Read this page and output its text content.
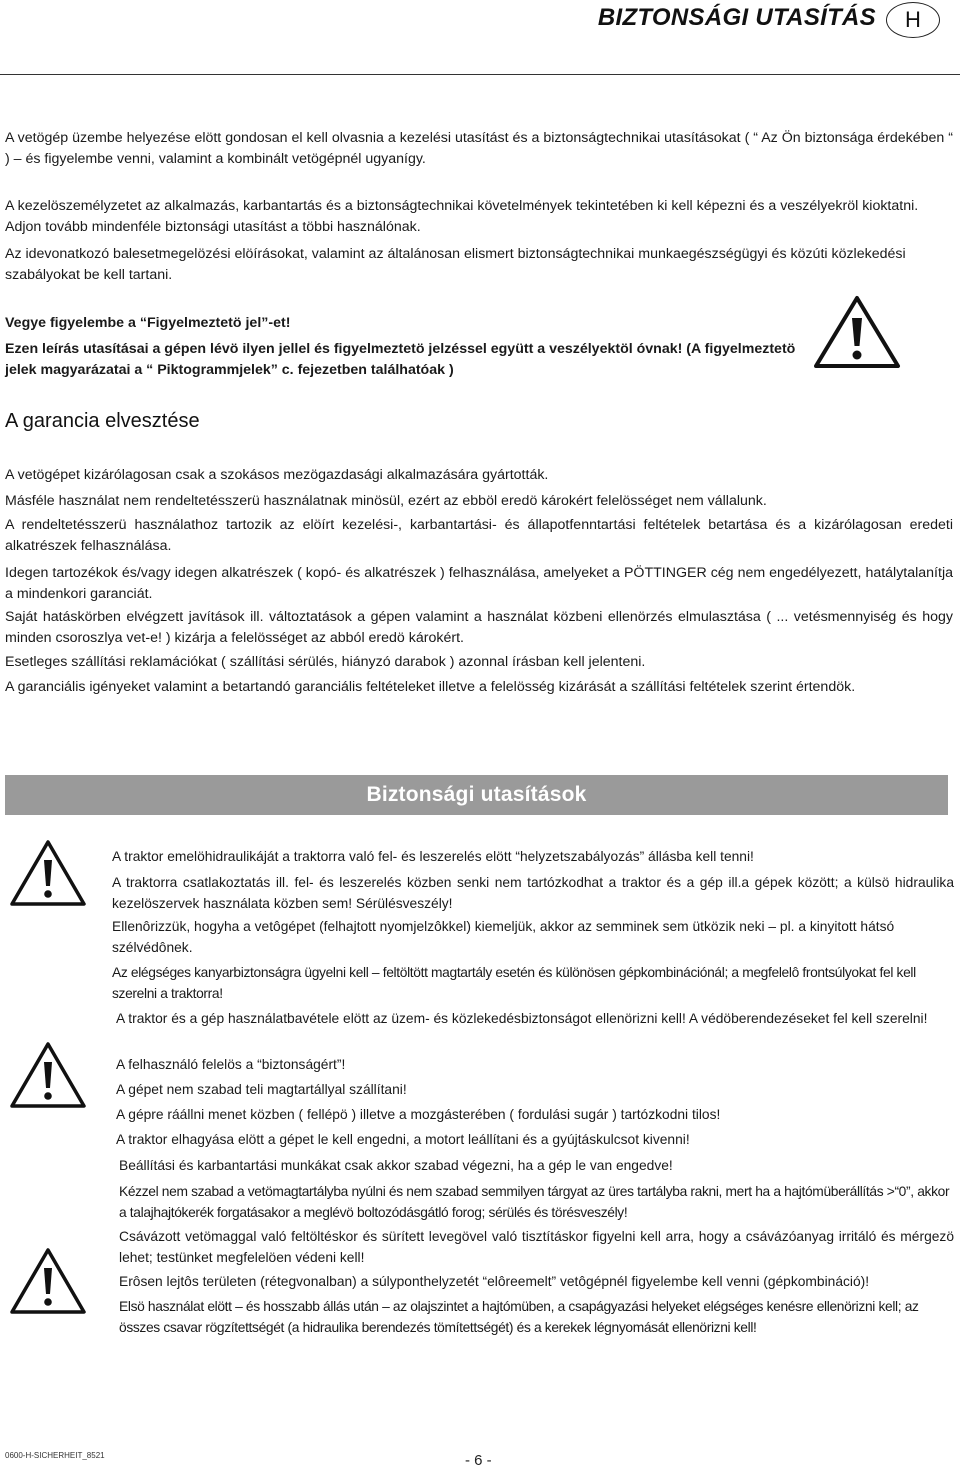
BIZTONSÁGI UTASÍTÁS	H
A vetögép üzembe helyezése elött gondosan el kell olvasnia a kezelési utasítást és a biztonságtechnikai utasításokat ( “ Az Ön biztonsága érdekében “ ) – és figyelembe venni, valamint a kombinált vetögépnél ugyanígy.
A kezelöszemélyzetet az alkalmazás, karbantartás és a biztonságtechnikai követelmények tekintetében ki kell képezni és a veszélyekröl kioktatni. Adjon tovább mindenféle biztonsági utasítást a többi használónak.
Az idevonatkozó balesetmegelözési elöírásokat, valamint az általánosan elismert biztonságtechnikai munkaegészségügyi és közúti közlekedési szabályokat be kell tartani.
Vegye figyelembe a “Figyelmeztetö jel”-et!
Ezen leírás utasításai a gépen lévö ilyen jellel és figyelmeztetö jelzéssel együtt a veszélyektöl óvnak! (A figyelmeztetö jelek magyarázatai a “ Piktogrammjelek” c. fejezetben találhatóak )
A garancia elvesztése
A vetögépet kizárólagosan csak a szokásos mezögazdasági alkalmazására gyártották.
Másféle használat nem rendeltetésszerü használatnak minösül, ezért az ebböl eredö károkért felelösséget nem vállalunk.
A rendeltetésszerü használathoz tartozik az elöírt kezelési-, karbantartási- és állapotfenntartási feltételek betartása és a kizárólagosan eredeti alkatrészek felhasználása.
Idegen tartozékok és/vagy idegen alkatrészek ( kopó- és alkatrészek ) felhasználása, amelyeket a PÖTTINGER cég nem engedélyezett, hatálytalanítja a mindenkori garanciát.
Saját hatáskörben elvégzett javítások ill. változtatások a gépen valamint a használat közbeni ellenörzés elmulasztása ( ... vetésmennyiség és hogy minden csoroszlya vet-e! ) kizárja a felelösséget az abból eredö károkért.
Esetleges szállítási reklamációkat ( szállítási sérülés, hiányzó darabok ) azonnal írásban kell jelenteni.
A garanciális igényeket valamint a betartandó garanciális feltételeket illetve a felelösség kizárását a szállítási feltételek szerint értendök.
Biztonsági utasítások
A traktor emelöhidraulikáját a traktorra való fel- és leszerelés elött “helyzetszabályozás” állásba kell tenni!
A traktorra csatlakoztatás ill. fel- és leszerelés közben senki nem tartózkodhat a traktor és a gép ill.a gépek között; a külsö hidraulika kezelöszervek használata közben sem! Sérülésveszély!
Ellenôrizzük, hogyha a vetôgépet (felhajtott nyomjelzôkkel) kiemeljük, akkor az semminek sem ütközik neki – pl. a kinyitott hátsó szélvédônek.
Az elégséges kanyarbiztonságra ügyelni kell – feltöltött magtartály esetén és különösen gépkombinációnál; a megfelelô frontsúlyokat fel kell szerelni a traktorra!
A traktor és a gép használatbavétele elött az üzem- és közlekedésbiztonságot ellenörizni kell! A védöberendezéseket fel kell szerelni!
A felhasználó felelös a “biztonságért”!
A gépet nem szabad teli magtartállyal szállítani!
A gépre ráállni menet közben ( fellépö ) illetve a mozgásterében ( fordulási sugár ) tartózkodni tilos!
A traktor elhagyása elött a gépet le kell engedni, a motort leállítani és a gyújtáskulcsot kivenni!
Beállítási és karbantartási munkákat csak akkor szabad végezni, ha a gép le van engedve!
Kézzel nem szabad a vetömagtartályba nyúlni és nem szabad semmilyen tárgyat az üres tartályba rakni, mert ha a hajtómüberállítás >“0”, akkor a talajhajtókerék forgatásakor a meglévö boltozódásgátló forog; sérülés és törésveszély!
Csávázott vetömaggal való feltöltéskor és sürített levegövel való tisztításkor figyelni kell arra, hogy a csávázóanyag irritáló és mérgezö lehet; testünket megfelelöen védeni kell!
Erôsen lejtôs területen (rétegvonalban) a súlyponthelyzetét “elôreemelt” vetôgépnél figyelembe kell venni (gépkombináció)!
Elsö használat elött – és hosszabb állás után – az olajszintet a hajtómüben, a csapágyazási helyeket elégséges kenésre ellenörizni kell; az összes csavar rögzítettségét (a hidraulika berendezés tömítettségét) és a kerekek légnyomását ellenörizni kell!
0600-H-SICHERHEIT_8521	- 6 -
